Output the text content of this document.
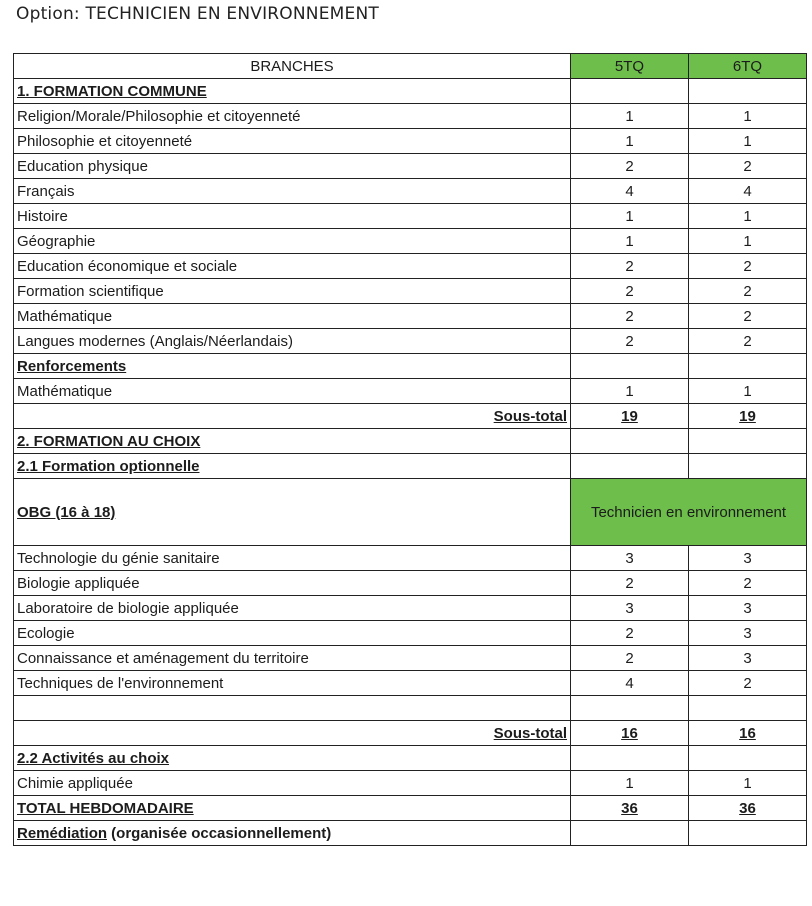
Option: TECHNICIEN EN ENVIRONNEMENT
BRANCHES	5TQ	6TQ
1. FORMATION COMMUNE		
Religion/Morale/Philosophie et citoyenneté	1	1
Philosophie et citoyenneté	1	1
Education physique	2	2
Français	4	4
Histoire	1	1
Géographie	1	1
Education économique et sociale	2	2
Formation scientifique	2	2
Mathématique	2	2
Langues modernes (Anglais/Néerlandais)	2	2
Renforcements		
Mathématique	1	1
Sous-total	19	19
2. FORMATION AU CHOIX		
2.1 Formation optionnelle		
OBG (16 à 18)	Technicien en environnement	
Technologie du génie sanitaire	3	3
Biologie appliquée	2	2
Laboratoire de biologie appliquée	3	3
Ecologie	2	3
Connaissance et aménagement du territoire	2	3
Techniques de l'environnement	4	2

Sous-total	16	16
2.2 Activités au choix		
Chimie appliquée	1	1
TOTAL HEBDOMADAIRE	36	36
Remédiation (organisée occasionnellement)		
